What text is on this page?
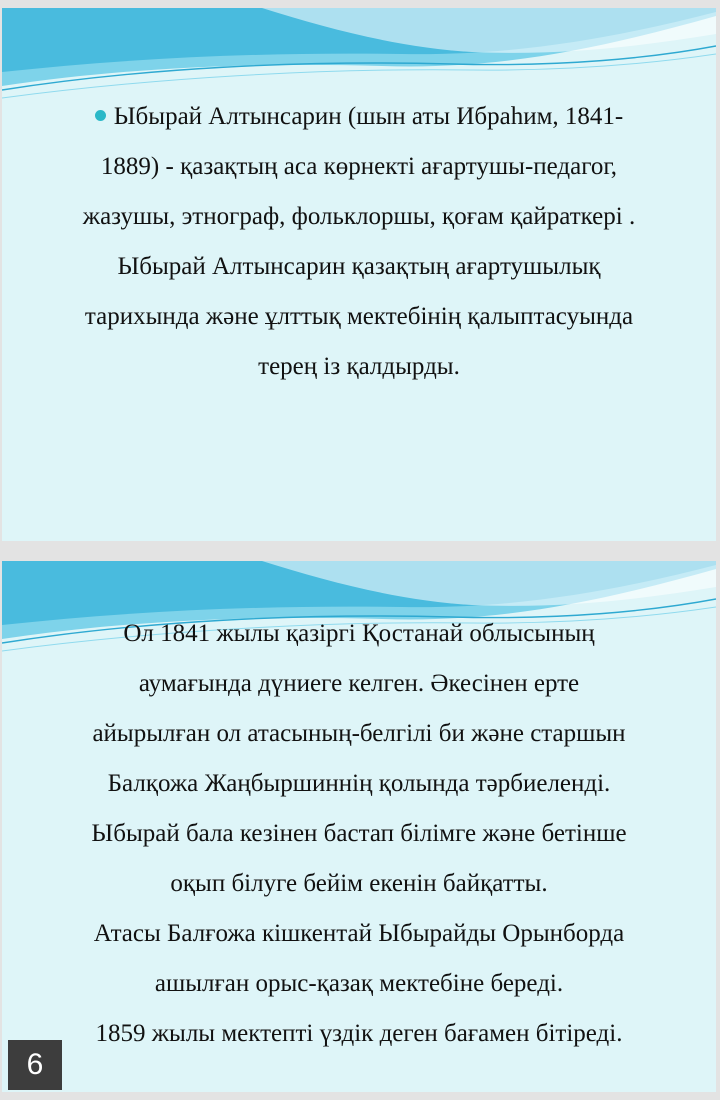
Ыбырай Алтынсарин (шын аты Ибраһим, 1841-
1889) - қазақтың аса көрнекті ағартушы-педагог,
жазушы, этнограф, фольклоршы, қоғам қайраткері .
Ыбырай Алтынсарин қазақтың ағартушылық
тарихында және ұлттық мектебінің қалыптасуында
терең із қалдырды.
Ол 1841 жылы қазіргі Қостанай облысының
аумағында дүниеге келген. Әкесінен ерте
айырылған ол атасының-белгілі би және старшын
Балқожа Жаңбыршиннің қолында тәрбиеленді.
Ыбырай бала кезінен бастап білімге және бетінше
оқып білуге бейім екенін байқатты.
Атасы Балғожа кішкентай Ыбырайды Орынборда
ашылған орыс-қазақ мектебіне береді.
1859 жылы мектепті үздік деген бағамен бітіреді.
6
